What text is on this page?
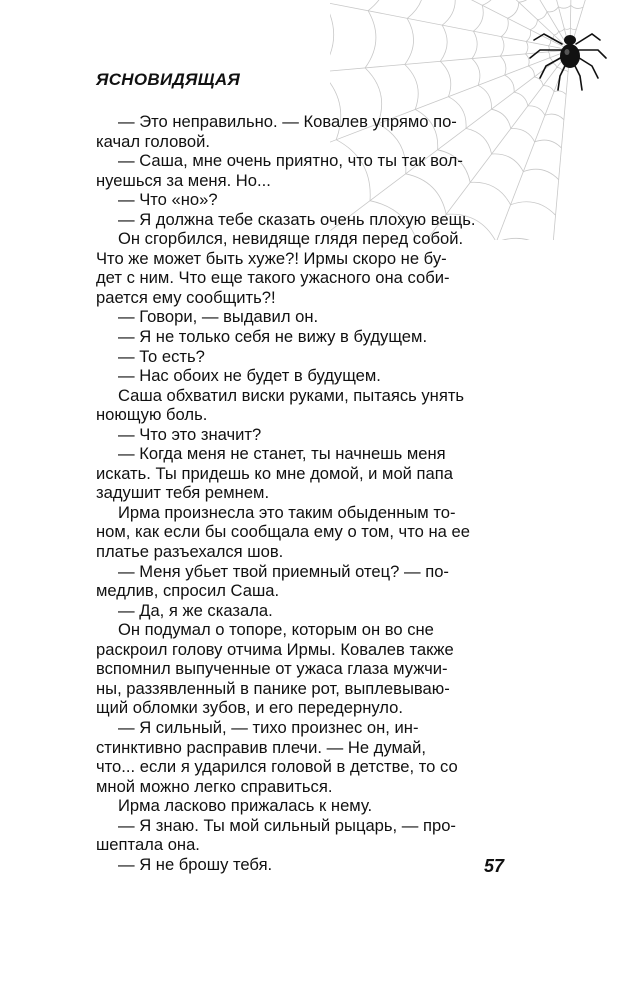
ЯСНОВИДЯЩАЯ
— Это неправильно. — Ковалев упрямо по-
качал головой.
— Саша, мне очень приятно, что ты так вол-
нуешься за меня. Но...
— Что «но»?
— Я должна тебе сказать очень плохую вещь.
Он сгорбился, невидяще глядя перед собой.
Что же может быть хуже?! Ирмы скоро не бу-
дет с ним. Что еще такого ужасного она соби-
рается ему сообщить?!
— Говори, — выдавил он.
— Я не только себя не вижу в будущем.
— То есть?
— Нас обоих не будет в будущем.
Саша обхватил виски руками, пытаясь унять
ноющую боль.
— Что это значит?
— Когда меня не станет, ты начнешь меня
искать. Ты придешь ко мне домой, и мой папа
задушит тебя ремнем.
Ирма произнесла это таким обыденным то-
ном, как если бы сообщала ему о том, что на ее
платье разъехался шов.
— Меня убьет твой приемный отец? — по-
медлив, спросил Саша.
— Да, я же сказала.
Он подумал о топоре, которым он во сне
раскроил голову отчима Ирмы. Ковалев также
вспомнил выпученные от ужаса глаза мужчи-
ны, раззявленный в панике рот, выплевываю-
щий обломки зубов, и его передернуло.
— Я сильный, — тихо произнес он, ин-
стинктивно расправив плечи. — Не думай,
что... если я ударился головой в детстве, то со
мной можно легко справиться.
Ирма ласково прижалась к нему.
— Я знаю. Ты мой сильный рыцарь, — про-
шептала она.
— Я не брошу тебя.	57
